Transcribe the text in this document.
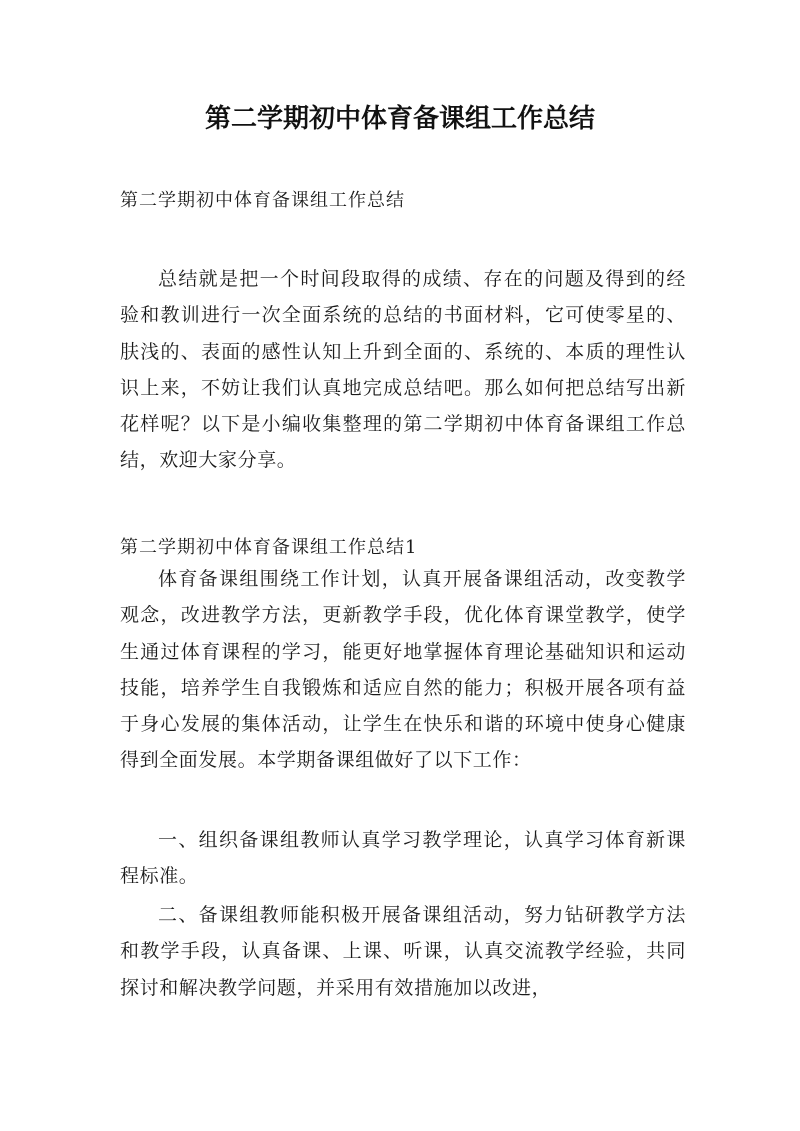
第二学期初中体育备课组工作总结
第二学期初中体育备课组工作总结

总结就是把一个时间段取得的成绩、存在的问题及得到的经验和教训进行一次全面系统的总结的书面材料，它可使零星的、肤浅的、表面的感性认知上升到全面的、系统的、本质的理性认识上来，不妨让我们认真地完成总结吧。那么如何把总结写出新花样呢？以下是小编收集整理的第二学期初中体育备课组工作总结，欢迎大家分享。

第二学期初中体育备课组工作总结1

体育备课组围绕工作计划，认真开展备课组活动，改变教学观念，改进教学方法，更新教学手段，优化体育课堂教学，使学生通过体育课程的学习，能更好地掌握体育理论基础知识和运动技能，培养学生自我锻炼和适应自然的能力；积极开展各项有益于身心发展的集体活动，让学生在快乐和谐的环境中使身心健康得到全面发展。本学期备课组做好了以下工作：

一、组织备课组教师认真学习教学理论，认真学习体育新课程标准。

二、备课组教师能积极开展备课组活动，努力钻研教学方法和教学手段，认真备课、上课、听课，认真交流教学经验，共同探讨和解决教学问题，并采用有效措施加以改进，
